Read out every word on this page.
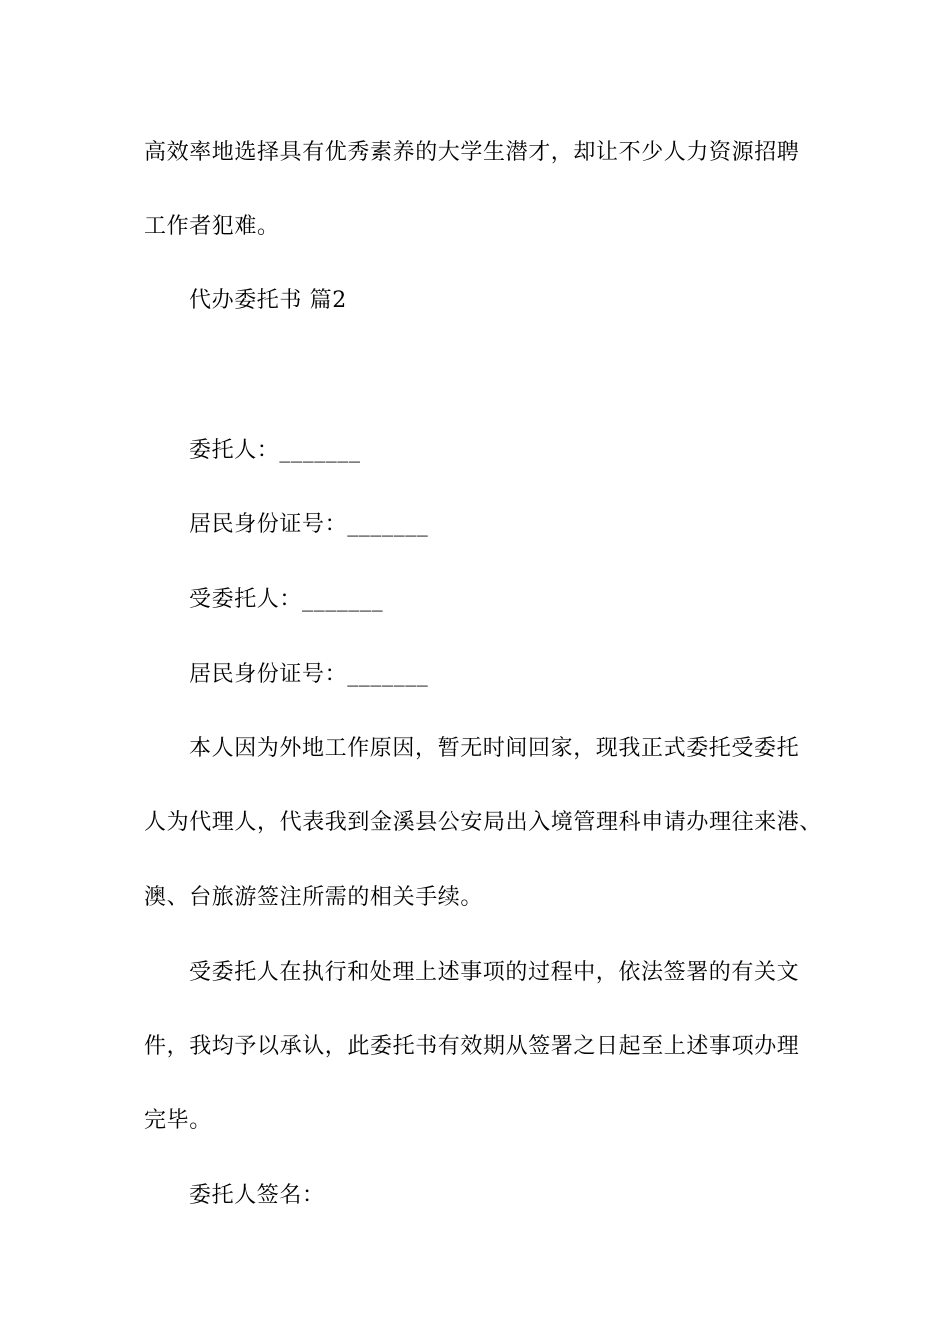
高效率地选择具有优秀素养的大学生潜才，却让不少人力资源招聘
工作者犯难。
代办委托书 篇2
委托人：_______
居民身份证号：_______
受委托人：_______
居民身份证号：_______
本人因为外地工作原因，暂无时间回家，现我正式委托受委托
人为代理人，代表我到金溪县公安局出入境管理科申请办理往来港、
澳、台旅游签注所需的相关手续。
受委托人在执行和处理上述事项的过程中，依法签署的有关文
件，我均予以承认，此委托书有效期从签署之日起至上述事项办理
完毕。
委托人签名：
